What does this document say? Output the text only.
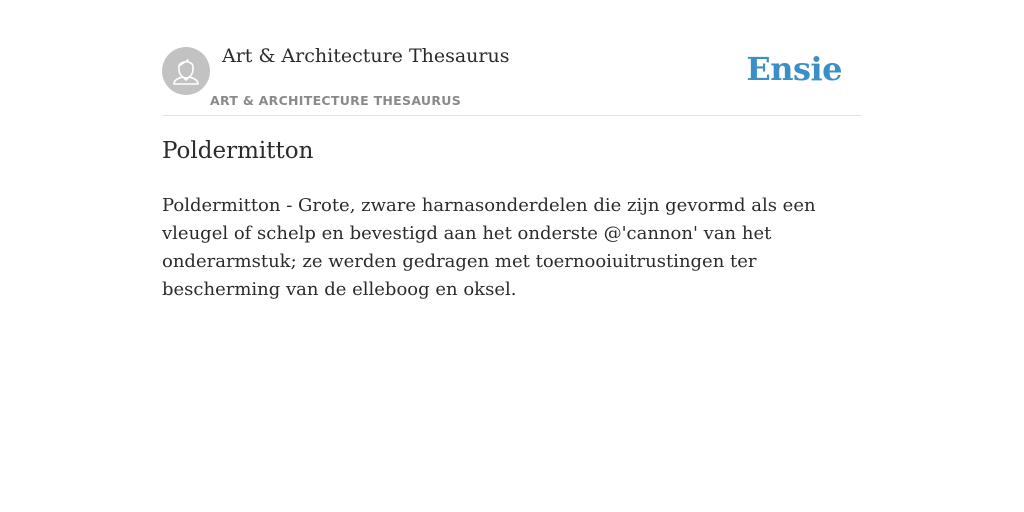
Art & Architecture Thesaurus
ART & ARCHITECTURE THESAURUS
Ensie
Poldermitton

Poldermitton - Grote, zware harnasonderdelen die zijn gevormd als een vleugel of schelp en bevestigd aan het onderste @'cannon' van het onderarmstuk; ze werden gedragen met toernooiuitrustingen ter bescherming van de elleboog en oksel.
